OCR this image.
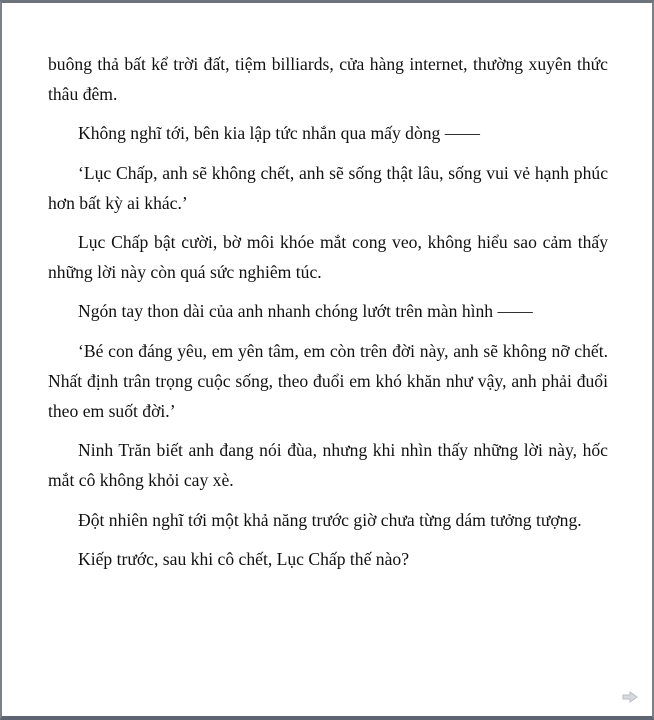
buông thả bất kể trời đất, tiệm billiards, cửa hàng internet, thường xuyên thức thâu đêm.

Không nghĩ tới, bên kia lập tức nhắn qua mấy dòng ——

‘Lục Chấp, anh sẽ không chết, anh sẽ sống thật lâu, sống vui vẻ hạnh phúc hơn bất kỳ ai khác.’

Lục Chấp bật cười, bờ môi khóe mắt cong veo, không hiểu sao cảm thấy những lời này còn quá sức nghiêm túc.

Ngón tay thon dài của anh nhanh chóng lướt trên màn hình ——

‘Bé con đáng yêu, em yên tâm, em còn trên đời này, anh sẽ không nỡ chết. Nhất định trân trọng cuộc sống, theo đuổi em khó khăn như vậy, anh phải đuổi theo em suốt đời.’

Ninh Trăn biết anh đang nói đùa, nhưng khi nhìn thấy những lời này, hốc mắt cô không khỏi cay xè.

Đột nhiên nghĩ tới một khả năng trước giờ chưa từng dám tưởng tượng.

Kiếp trước, sau khi cô chết, Lục Chấp thế nào?
